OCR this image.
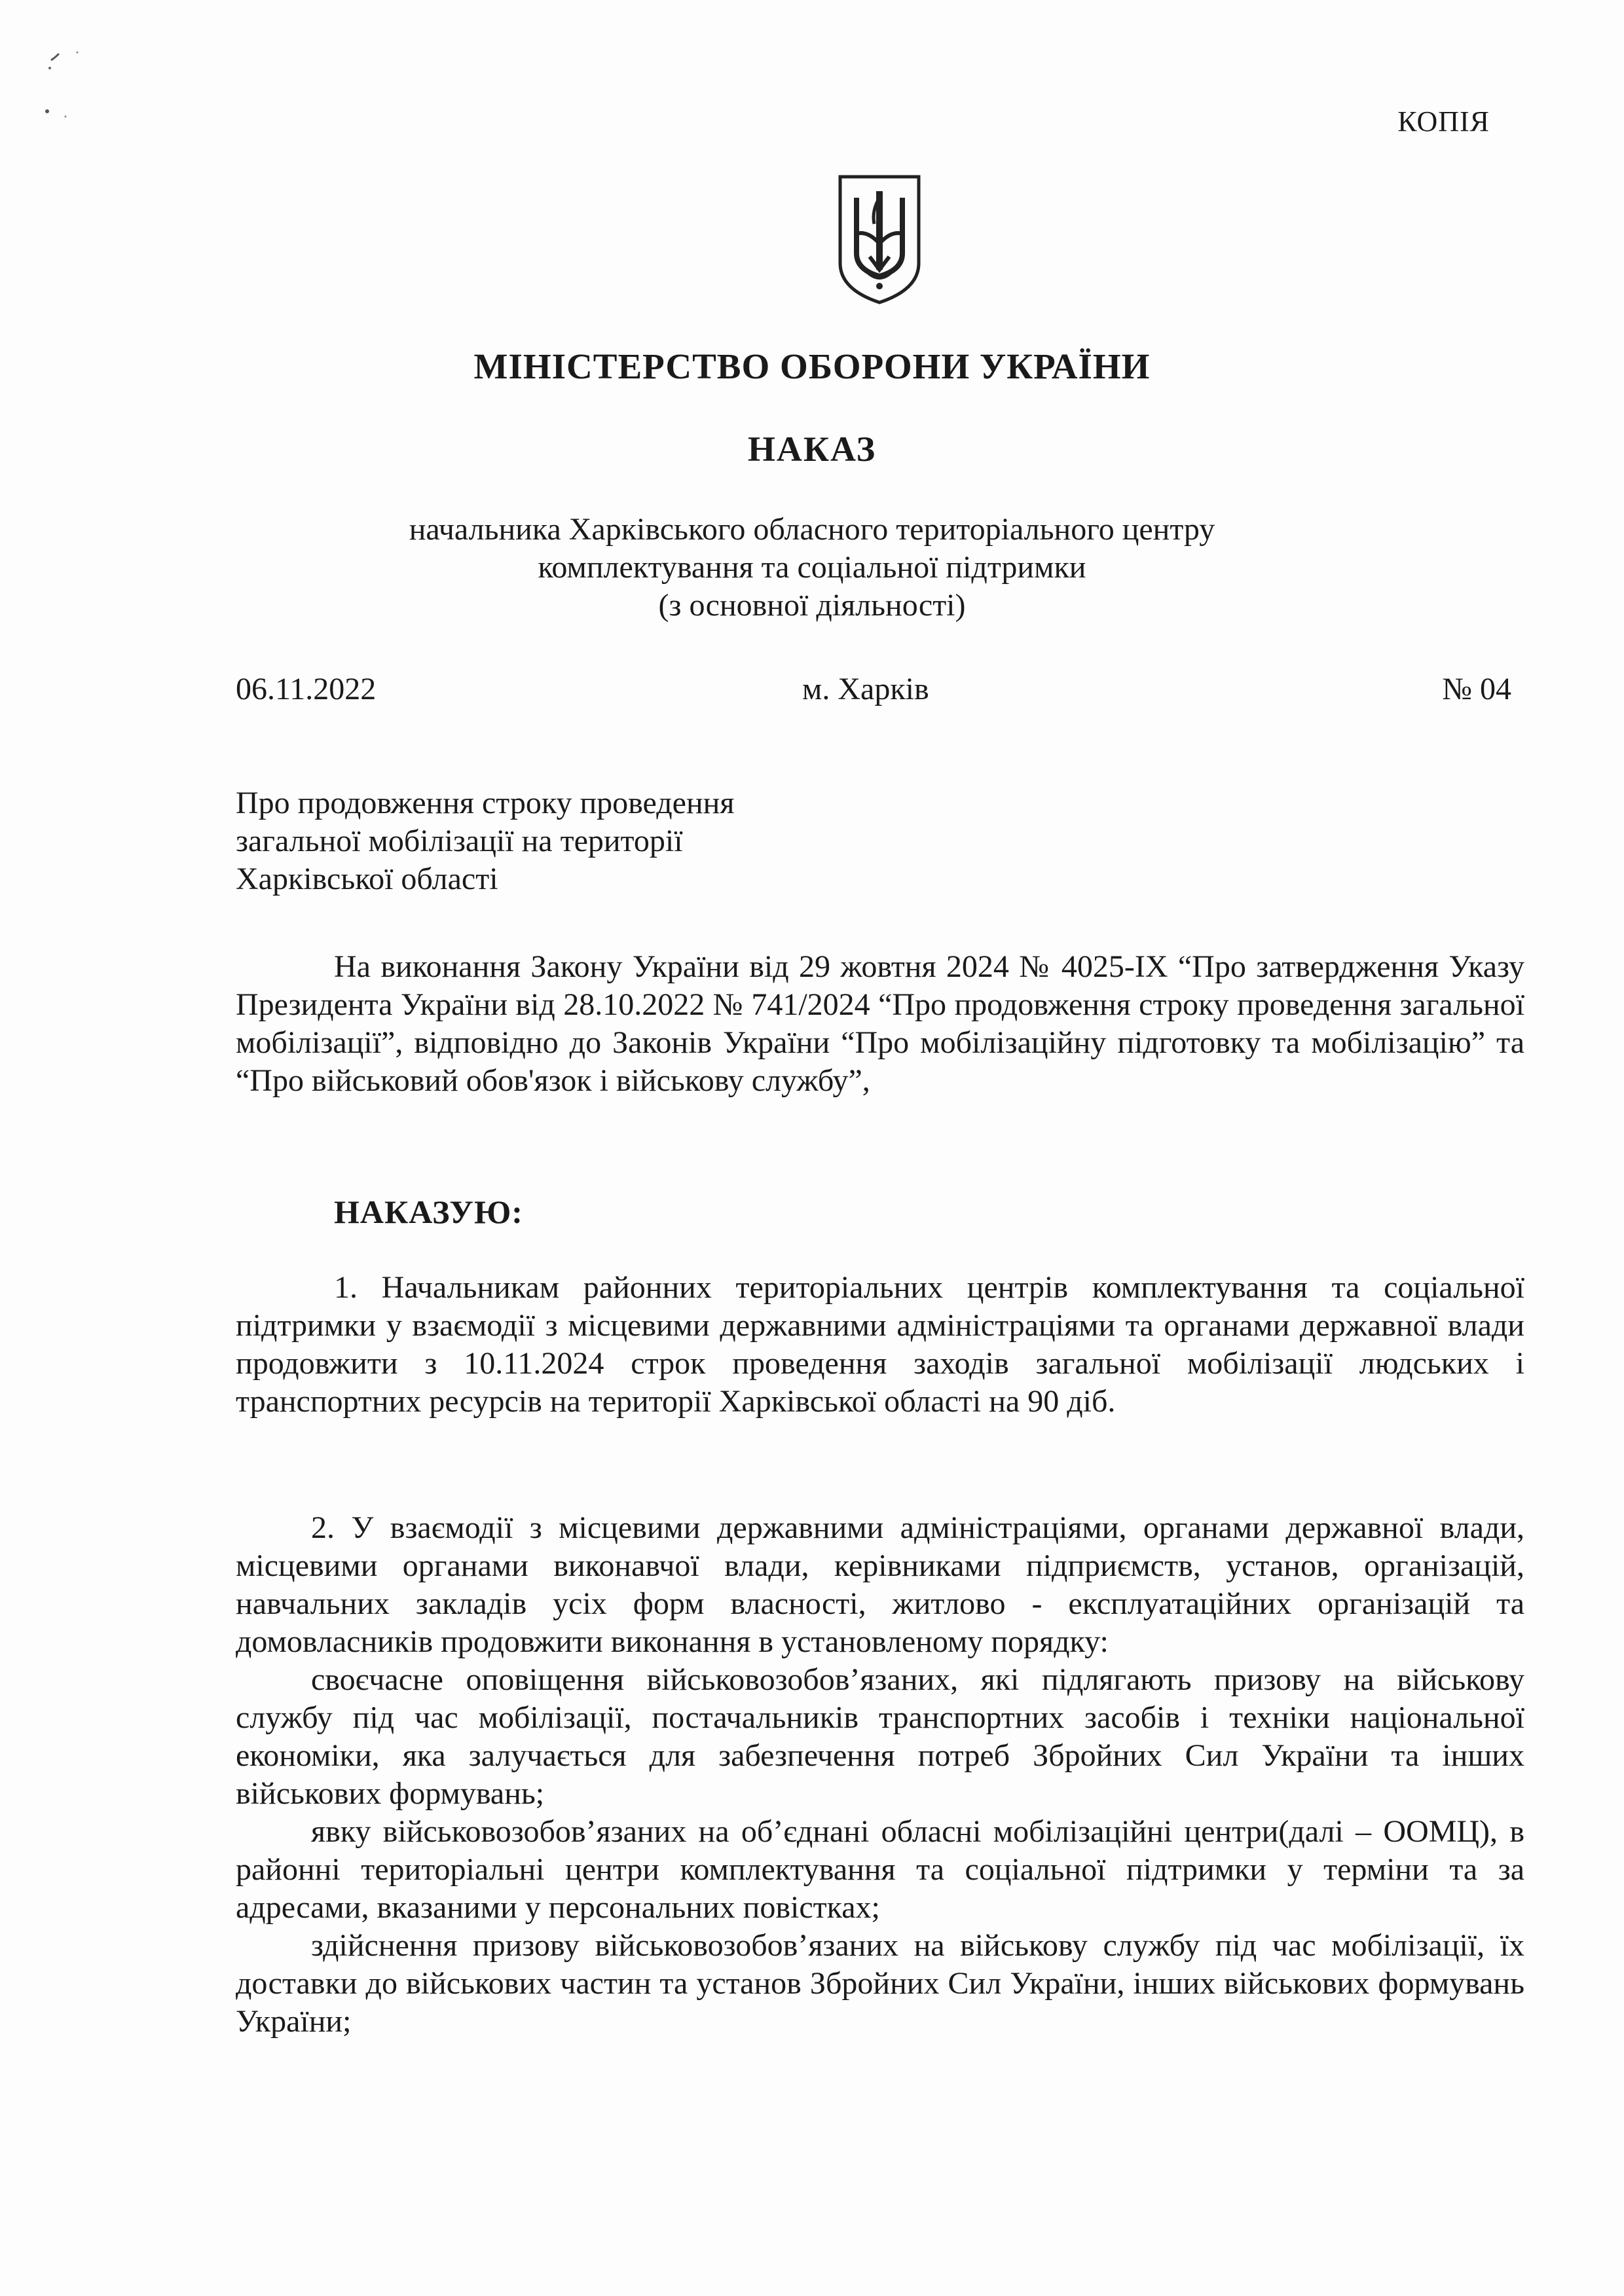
КОПІЯ
МІНІСТЕРСТВО ОБОРОНИ УКРАЇНИ
НАКАЗ
начальника Харківського обласного територіального центру
комплектування та соціальної підтримки
(з основної діяльності)
06.11.2022	м. Харків	№ 04
Про продовження строку проведення
загальної мобілізації на території
Харківської області

На виконання Закону України від 29 жовтня 2024 № 4025-IX “Про затвердження Указу Президента України від 28.10.2022 № 741/2024 “Про продовження строку проведення загальної мобілізації”, відповідно до Законів України “Про мобілізаційну підготовку та мобілізацію” та “Про військовий обов'язок і військову службу”,

НАКАЗУЮ:

1. Начальникам районних територіальних центрів комплектування та соціальної підтримки у взаємодії з місцевими державними адміністраціями та органами державної влади продовжити з 10.11.2024 строк проведення заходів загальної мобілізації людських і транспортних ресурсів на території Харківської області на 90 діб.

2. У взаємодії з місцевими державними адміністраціями, органами державної влади, місцевими органами виконавчої влади, керівниками підприємств, установ, організацій, навчальних закладів усіх форм власності, житлово - експлуатаційних організацій та домовласників продовжити виконання в установленому порядку:

своєчасне оповіщення військовозобов’язаних, які підлягають призову на військову службу під час мобілізації, постачальників транспортних засобів і техніки національної економіки, яка залучається для забезпечення потреб Збройних Сил України та інших військових формувань;

явку військовозобов’язаних на об’єднані обласні мобілізаційні центри(далі – ООМЦ), в районні територіальні центри комплектування та соціальної підтримки у терміни та за адресами, вказаними у персональних повістках;

здійснення призову військовозобов’язаних на військову службу під час мобілізації, їх доставки до військових частин та установ Збройних Сил України, інших військових формувань України;
